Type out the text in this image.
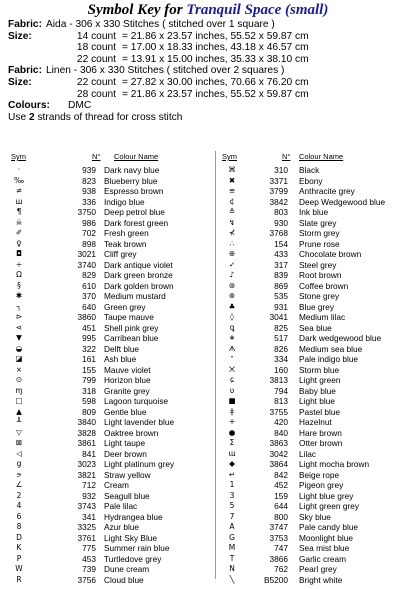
Symbol Key for Tranquil Space (small)
Fabric: Aida - 306 x 330 Stitches ( stitched over 1 square )
Size:	14 count = 21.86 x 23.57 inches, 55.52 x 59.87 cm
18 count = 17.00 x 18.33 inches, 43.18 x 46.57 cm
22 count = 13.91 x 15.00 inches, 35.33 x 38.10 cm
Fabric: Linen - 306 x 330 Stitches ( stitched over 2 squares )
Size:	22 count = 27.82 x 30.00 inches, 70.66 x 76.20 cm
28 count = 21.86 x 23.57 inches, 55.52 x 59.87 cm
Colours: DMC
Use 2 strands of thread for cross stitch
Sym	N° Colour Name	Sym	N° Colour Name
·	939 Dark navy blue
‰	823 Blueberry blue
≠	938 Espresso brown
ш	336 Indigo blue
¶	3750 Deep petrol blue
☠	986 Dark forest green
✐	702 Fresh green
♀	898 Teak brown
◘	3021 Cliff grey
÷	3740 Dark antique violet
Ω	829 Dark green bronze
§	610 Dark golden brown
✱	370 Medium mustard
┐	640 Green grey
⊳	3860 Taupe mauve
⋖	451 Shell pink grey
▼	995 Carribean blue
◒	322 Delft blue
◪	161 Ash blue
⨯	155 Mauve violet
⊙	799 Horizon blue
ɱ	318 Granite grey
□	598 Lagoon turquoise
▲	809 Gentle blue
╨	3840 Light lavender blue
▽	3828 Oaktree brown
⊠	3861 Light taupe
◁	841 Deer brown
g	3023 Light platinum grey
∍	3821 Straw yellow
∠	712 Cream
2	932 Seagull blue
4	3743 Pale lilac
6	341 Hydrangea blue
8	3325 Azur blue
D	3761 Light Sky Blue
K	775 Summer rain blue
P	453 Turtledove grey
W	739 Dune cream
R	3756 Cloud blue
⌘	310 Black
✖	3371 Ebony
≡	3799 Anthracite grey
¢	3842 Deep Wedgewood blue
≙	803 Ink blue
↯	930 Slate grey
⊀	3768 Storm grey
∴	154 Prune rose
⊕	433 Chocolate brown
✓	317 Steel grey
♪	839 Root brown
⊛	869 Coffee brown
⊗	535 Stone grey
♣	931 Blue grey
◊	3041 Medium lilac
ꝗ	825 Sea blue
∗	517 Dark wedgewood blue
ᗑ	826 Medium sea blue
ᐩ	334 Pale indigo blue
⨉	160 Storm blue
ɕ	3813 Light green
ʋ	794 Baby blue
■	813 Light blue
ǂ	3755 Pastel blue
+	420 Hazelnut
●	840 Hare brown
Σ	3863 Otter brown
ɯ	3042 Lilac
◆	3864 Light mocha brown
↵	842 Beige rope
1	452 Pigeon grey
3	159 Light blue grey
5	644 Light green grey
7	800 Sky blue
A	3747 Pale candy blue
G	3753 Moonlight blue
M	747 Sea mist blue
T	3866 Garlic cream
N	762 Pearl grey
╲	B5200 Bright white
